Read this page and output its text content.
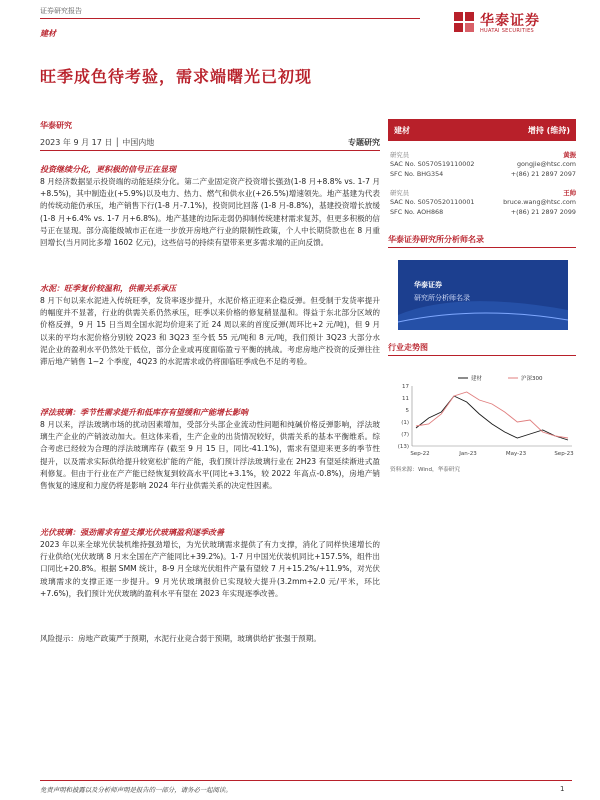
证券研究报告
建材
华泰证券
HUATAI SECURITIES
旺季成色待考验，需求端曙光已初现
华泰研究
2023 年 9 月 17 日 │ 中国内地	专题研究
投资继续分化，更积极的信号正在显现
8 月经济数据显示投资端的动能延续分化。第二产业固定资产投资增长强劲(1-8 月+8.8% vs. 1-7 月+8.5%)，其中制造业(+5.9%)以及电力、热力、燃气和供水业(+26.5%)增速领先。地产基建为代表的传统动能仍承压，地产销售下行(1-8 月-7.1%)，投资同比回落 (1-8 月-8.8%)，基建投资增长放缓(1-8 月+6.4% vs. 1-7 月+6.8%)。地产基建的边际走弱仍抑制传统建材需求复苏，但更多积极的信号正在显现。部分高能级城市正在进一步放开房地产行业的限制性政策，个人中长期贷款也在 8 月重回增长(当月同比多增 1602 亿元)，这些信号的持续有望带来更多需求端的正向反馈。
水泥：旺季复价较温和，供需关系承压
8 月下旬以来水泥进入传统旺季，发货率逐步提升，水泥价格正迎来企稳反弹。但受制于发货率提升的幅度并不显著，行业的供需关系仍然承压，旺季以来价格的修复稍显温和。得益于东北部分区域的价格反弹，9 月 15 日当周全国水泥均价迎来了近 24 周以来的首度反弹(周环比+2 元/吨)，但 9 月以来的平均水泥价格分别较 2Q23 和 3Q23 至今低 55 元/吨和 8 元/吨，我们预计 3Q23 大部分水泥企业的盈利水平仍然处于低位，部分企业或再度面临盈亏平衡的挑战。考虑房地产投资的反弹往往滞后地产销售 1~2 个季度，4Q23 的水泥需求或仍将面临旺季成色不足的考验。
浮法玻璃：季节性需求提升和低库存有望缓和产能增长影响
8 月以来，浮法玻璃市场的扰动因素增加，受部分头部企业流动性问题和纯碱价格反弹影响，浮法玻璃生产企业的产销波动加大。但这体来看，生产企业的出货情况较好，供需关系的基本平衡维系。综合考虑已经较为合理的浮法玻璃库存 (截至 9 月 15 日，同比-41.1%)，需求有望迎来更多的季节性提升，以及需求实际供给提升较宽松扩能的产能，我们预计浮法玻璃行业在 2H23 有望延续渐进式盈利修复。但由于行业在产产能已经恢复到较高水平(同比+3.1%，较 2022 年高点-0.8%)，房地产销售恢复的速度和力度仍将是影响 2024 年行业供需关系的决定性因素。
光伏玻璃：强劲需求有望支撑光伏玻璃盈利逐季改善
2023 年以来全球光伏装机维持强劲增长，为光伏玻璃需求提供了有力支撑，消化了同样快速增长的行业供给(光伏玻璃 8 月末全国在产产能同比+39.2%)。1-7 月中国光伏装机同比+157.5%，组件出口同比+20.8%。根据 SMM 统计，8-9 月全球光伏组件产量有望较 7 月+15.2%/+11.9%，对光伏玻璃需求的支撑正逐一步提升。9 月光伏玻璃报价已实现较大提升(3.2mm+2.0 元/平米，环比+7.6%)，我们预计光伏玻璃的盈利水平有望在 2023 年实现逐季改善。
风险提示：房地产政策严于预期，水泥行业竞合弱于预期，玻璃供给扩张强于预期。
建材	增持 (维持)
研究员	黄振
SAC No. S0570519110002	gongjie@htsc.com
SFC No. BHG354	+(86) 21 2897 2097
研究员	王帅
SAC No. S0570520110001	bruce.wang@htsc.com
SFC No. AOH868	+(86) 21 2897 2099
华泰证券研究所分析师名录
华泰证券
研究所分析师名录
行业走势图
17
11
5
(1)
(7)
(13)
Sep-22	Jan-23	May-23	Sep-23
建材	沪深300
资料来源：Wind，华泰研究
免责声明和披露以及分析师声明是报告的一部分，请务必一起阅读。	1
